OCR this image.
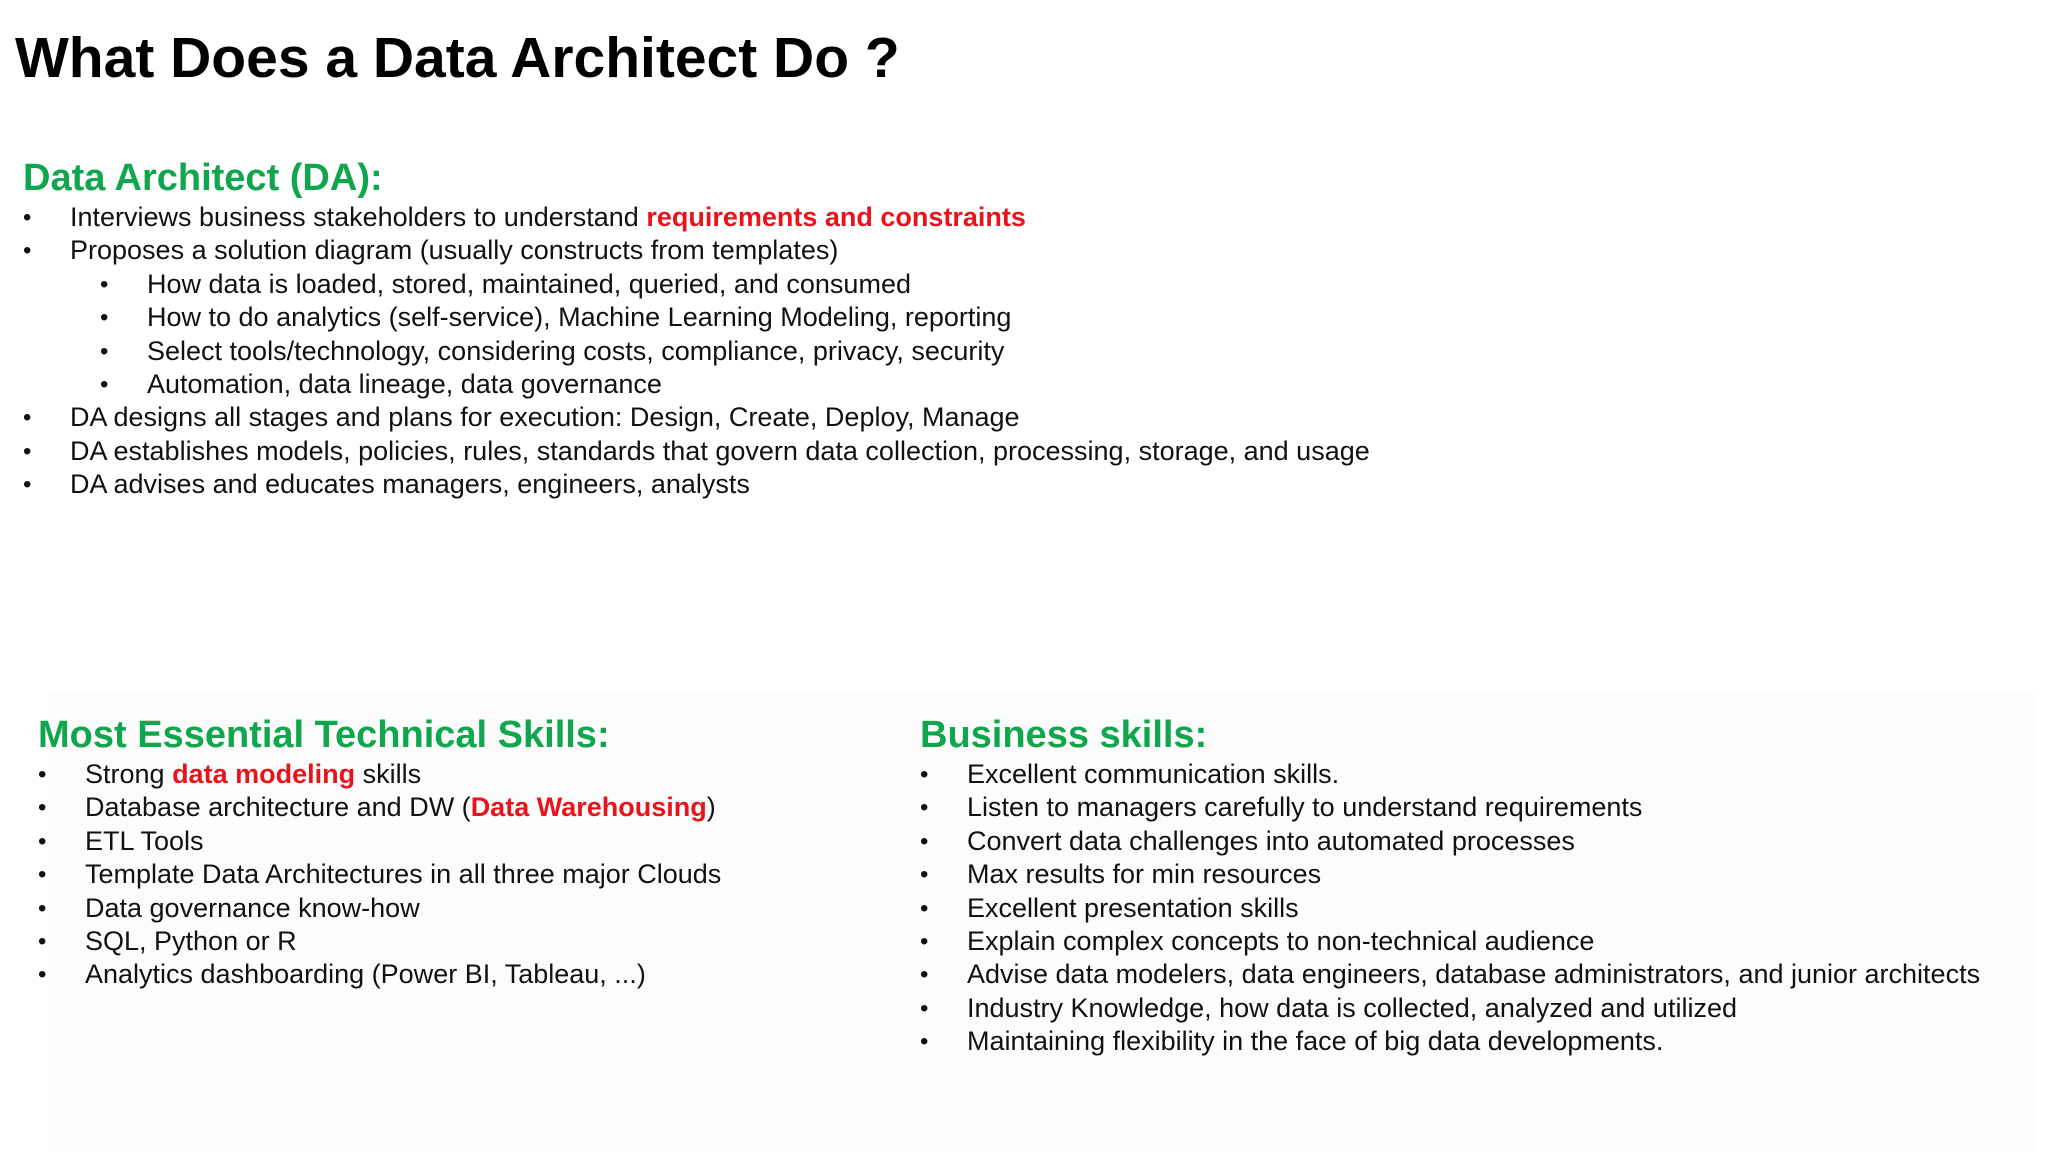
What Does a Data Architect Do ?
Data Architect (DA):
• Interviews business stakeholders to understand requirements and constraints
• Proposes a solution diagram (usually constructs from templates)
• How data is loaded, stored, maintained, queried, and consumed
• How to do analytics (self-service), Machine Learning Modeling, reporting
• Select tools/technology, considering costs, compliance, privacy, security
• Automation, data lineage, data governance
• DA designs all stages and plans for execution: Design, Create, Deploy, Manage
• DA establishes models, policies, rules, standards that govern data collection, processing, storage, and usage
• DA advises and educates managers, engineers, analysts
Most Essential Technical Skills:
• Strong data modeling skills
• Database architecture and DW (Data Warehousing)
• ETL Tools
• Template Data Architectures in all three major Clouds
• Data governance know-how
• SQL, Python or R
• Analytics dashboarding (Power BI, Tableau, ...)
Business skills:
• Excellent communication skills.
• Listen to managers carefully to understand requirements
• Convert data challenges into automated processes
• Max results for min resources
• Excellent presentation skills
• Explain complex concepts to non-technical audience
• Advise data modelers, data engineers, database administrators, and junior architects
• Industry Knowledge, how data is collected, analyzed and utilized
• Maintaining flexibility in the face of big data developments.
